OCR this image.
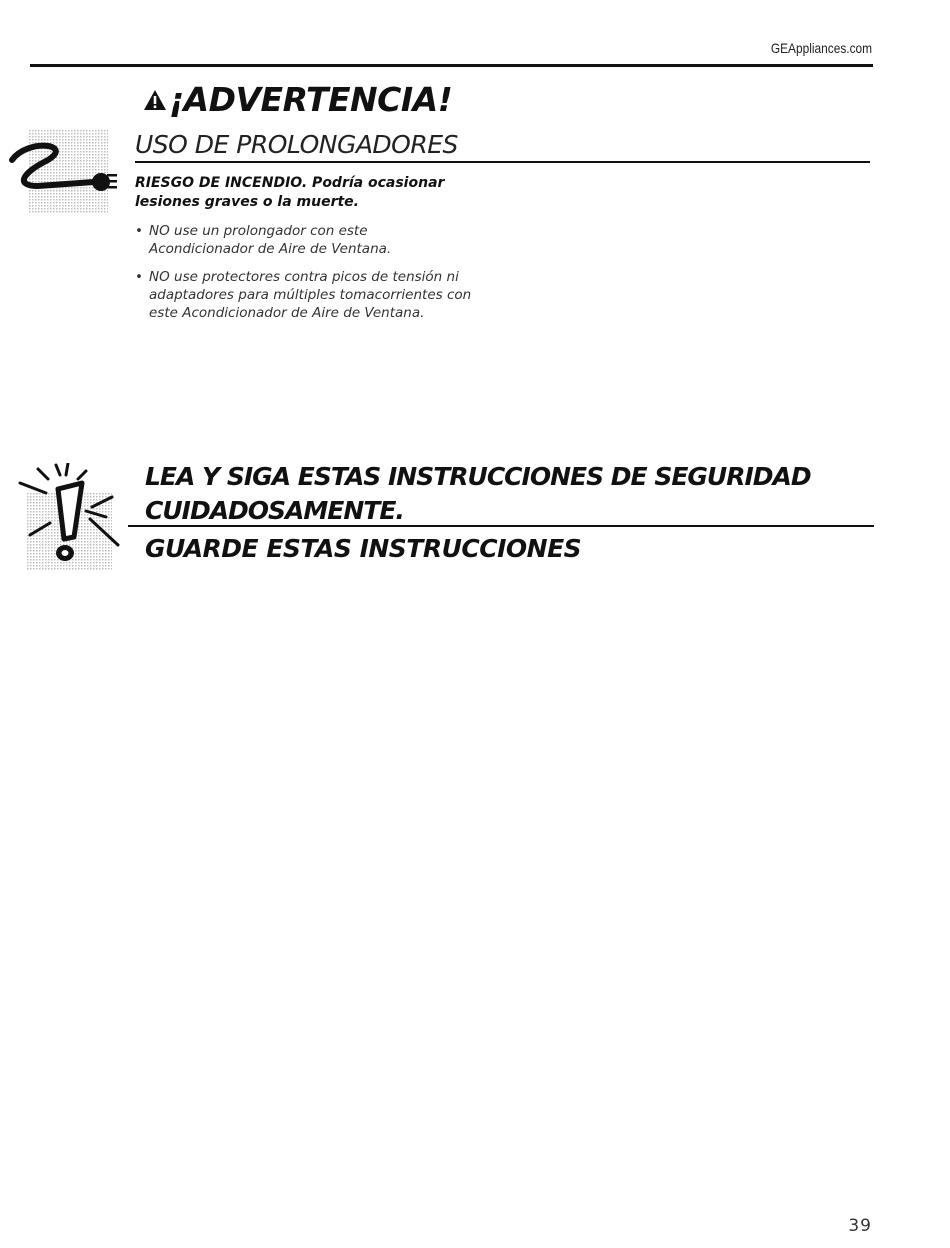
GEAppliances.com
¡ADVERTENCIA!
USO DE PROLONGADORES
RIESGO DE INCENDIO. Podría ocasionar
lesiones graves o la muerte.
• NO use un prolongador con este
Acondicionador de Aire de Ventana.
• NO use protectores contra picos de tensión ni
adaptadores para múltiples tomacorrientes con
este Acondicionador de Aire de Ventana.
LEA Y SIGA ESTAS INSTRUCCIONES DE SEGURIDAD
CUIDADOSAMENTE.
GUARDE ESTAS INSTRUCCIONES
39
